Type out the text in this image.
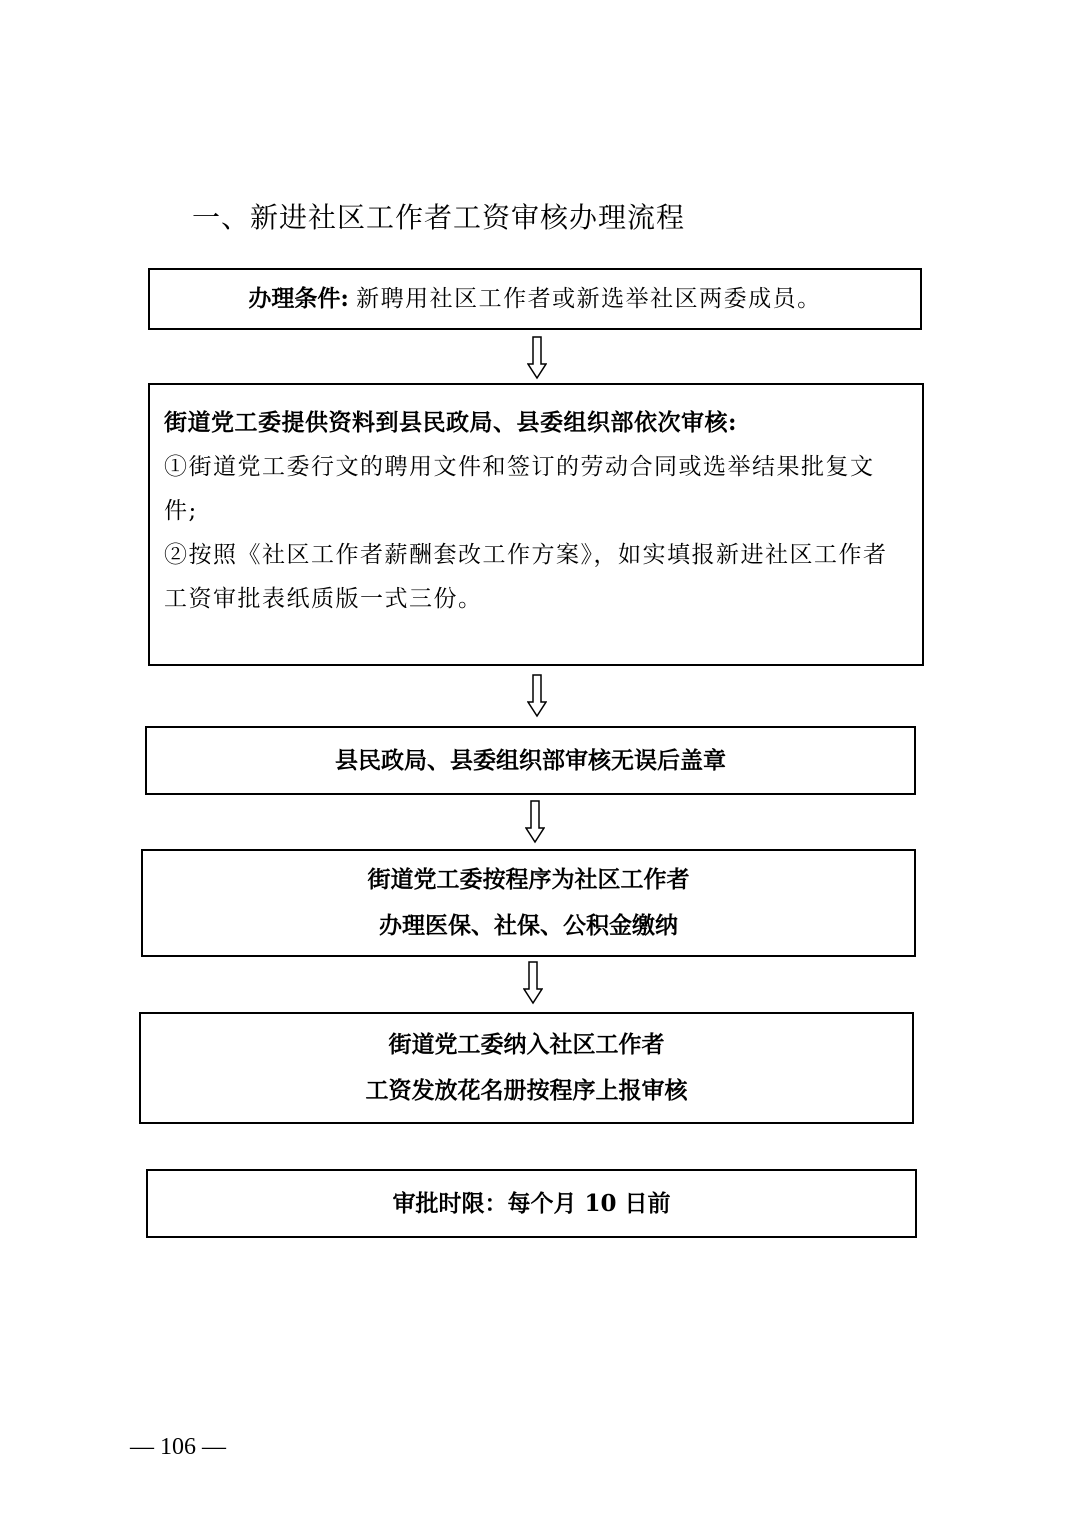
一、新进社区工作者工资审核办理流程
办理条件: 新聘用社区工作者或新选举社区两委成员。
街道党工委提供资料到县民政局、县委组织部依次审核:
①街道党工委行文的聘用文件和签订的劳动合同或选举结果批复文
件;
②按照《社区工作者薪酬套改工作方案》，如实填报新进社区工作者
工资审批表纸质版一式三份。
县民政局、县委组织部审核无误后盖章
街道党工委按程序为社区工作者
办理医保、社保、公积金缴纳
街道党工委纳入社区工作者
工资发放花名册按程序上报审核
审批时限：每个月 10 日前
— 106 —
